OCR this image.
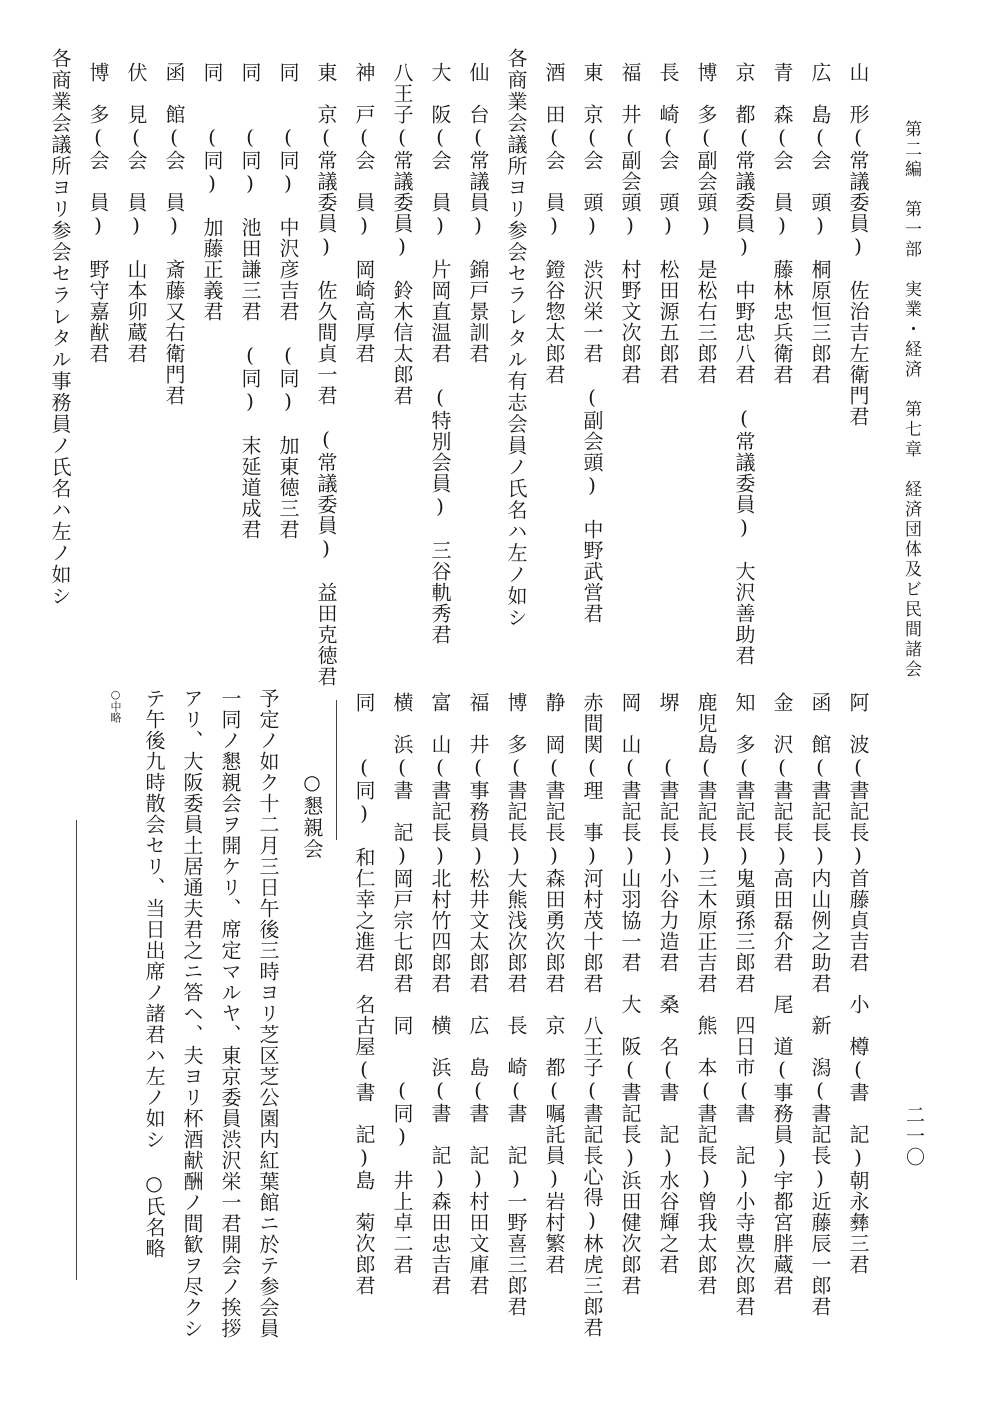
第二編　第一部　実業・経済　第七章　経済団体及ビ民間諸会
二一〇
山　形(常議委員)　佐治吉左衛門君
広　島(会　頭)　桐原恒三郎君
青　森(会　員)　藤林忠兵衛君
京　都(常議委員)　中野忠八君　(常議委員)　大沢善助君
博　多(副会頭)　是松右三郎君
長　崎(会　頭)　松田源五郎君
福　井(副会頭)　村野文次郎君
東　京(会　頭)　渋沢栄一君　(副会頭)　中野武営君
酒　田(会　員)　鐙谷惣太郎君
各商業会議所ヨリ参会セラレタル有志会員ノ氏名ハ左ノ如シ
仙　台(常議員)　錦戸景訓君
大　阪(会　員)　片岡直温君　(特別会員)　三谷軌秀君
八王子(常議委員)　鈴木信太郎君
神　戸(会　員)　岡崎高厚君
東　京(常議委員)　佐久間貞一君　(常議委員)　益田克徳君
同　　(同)　中沢彦吉君　(同)　加東徳三君
同　　(同)　池田謙三君　(同)　末延道成君
同　　(同)　加藤正義君
函　館(会　員)　斎藤又右衛門君
伏　見(会　員)　山本卯蔵君
博　多(会　員)　野守嘉猷君
各商業会議所ヨリ参会セラレタル事務員ノ氏名ハ左ノ如シ
阿　波(書記長)首藤貞吉君　小　樽(書　記)朝永彝三君
函　館(書記長)内山例之助君　新　潟(書記長)近藤辰一郎君
金　沢(書記長)高田磊介君　尾　道(事務員)宇都宮胖蔵君
知　多(書記長)鬼頭孫三郎君　四日市(書　記)小寺豊次郎君
鹿児島(書記長)三木原正吉君　熊　本(書記長)曾我太郎君
堺　　(書記長)小谷力造君　桑　名(書　記)水谷輝之君
岡　山(書記長)山羽協一君　大　阪(書記長)浜田健次郎君
赤間関(理　事)河村茂十郎君　八王子(書記長心得)林虎三郎君
静　岡(書記長)森田勇次郎君　京　都(嘱託員)岩村繁君
博　多(書記長)大熊浅次郎君　長　崎(書　記)一野喜三郎君
福　井(事務員)松井文太郎君　広　島(書　記)村田文庫君
富　山(書記長)北村竹四郎君　横　浜(書　記)森田忠吉君
横　浜(書　記)岡戸宗七郎君　同　　(同)　井上卓二君
同　　(同)　和仁幸之進君　名古屋(書　記)島　菊次郎君
○懇親会
予定ノ如ク十二月三日午後三時ヨリ芝区芝公園内紅葉館ニ於テ参会員
一同ノ懇親会ヲ開ケリ、席定マルヤ、東京委員渋沢栄一君開会ノ挨拶
アリ、大阪委員土居通夫君之ニ答ヘ、夫ヨリ杯酒献酬ノ間歓ヲ尽クシ
テ午後九時散会セリ、当日出席ノ諸君ハ左ノ如シ　○氏名略
○中略
